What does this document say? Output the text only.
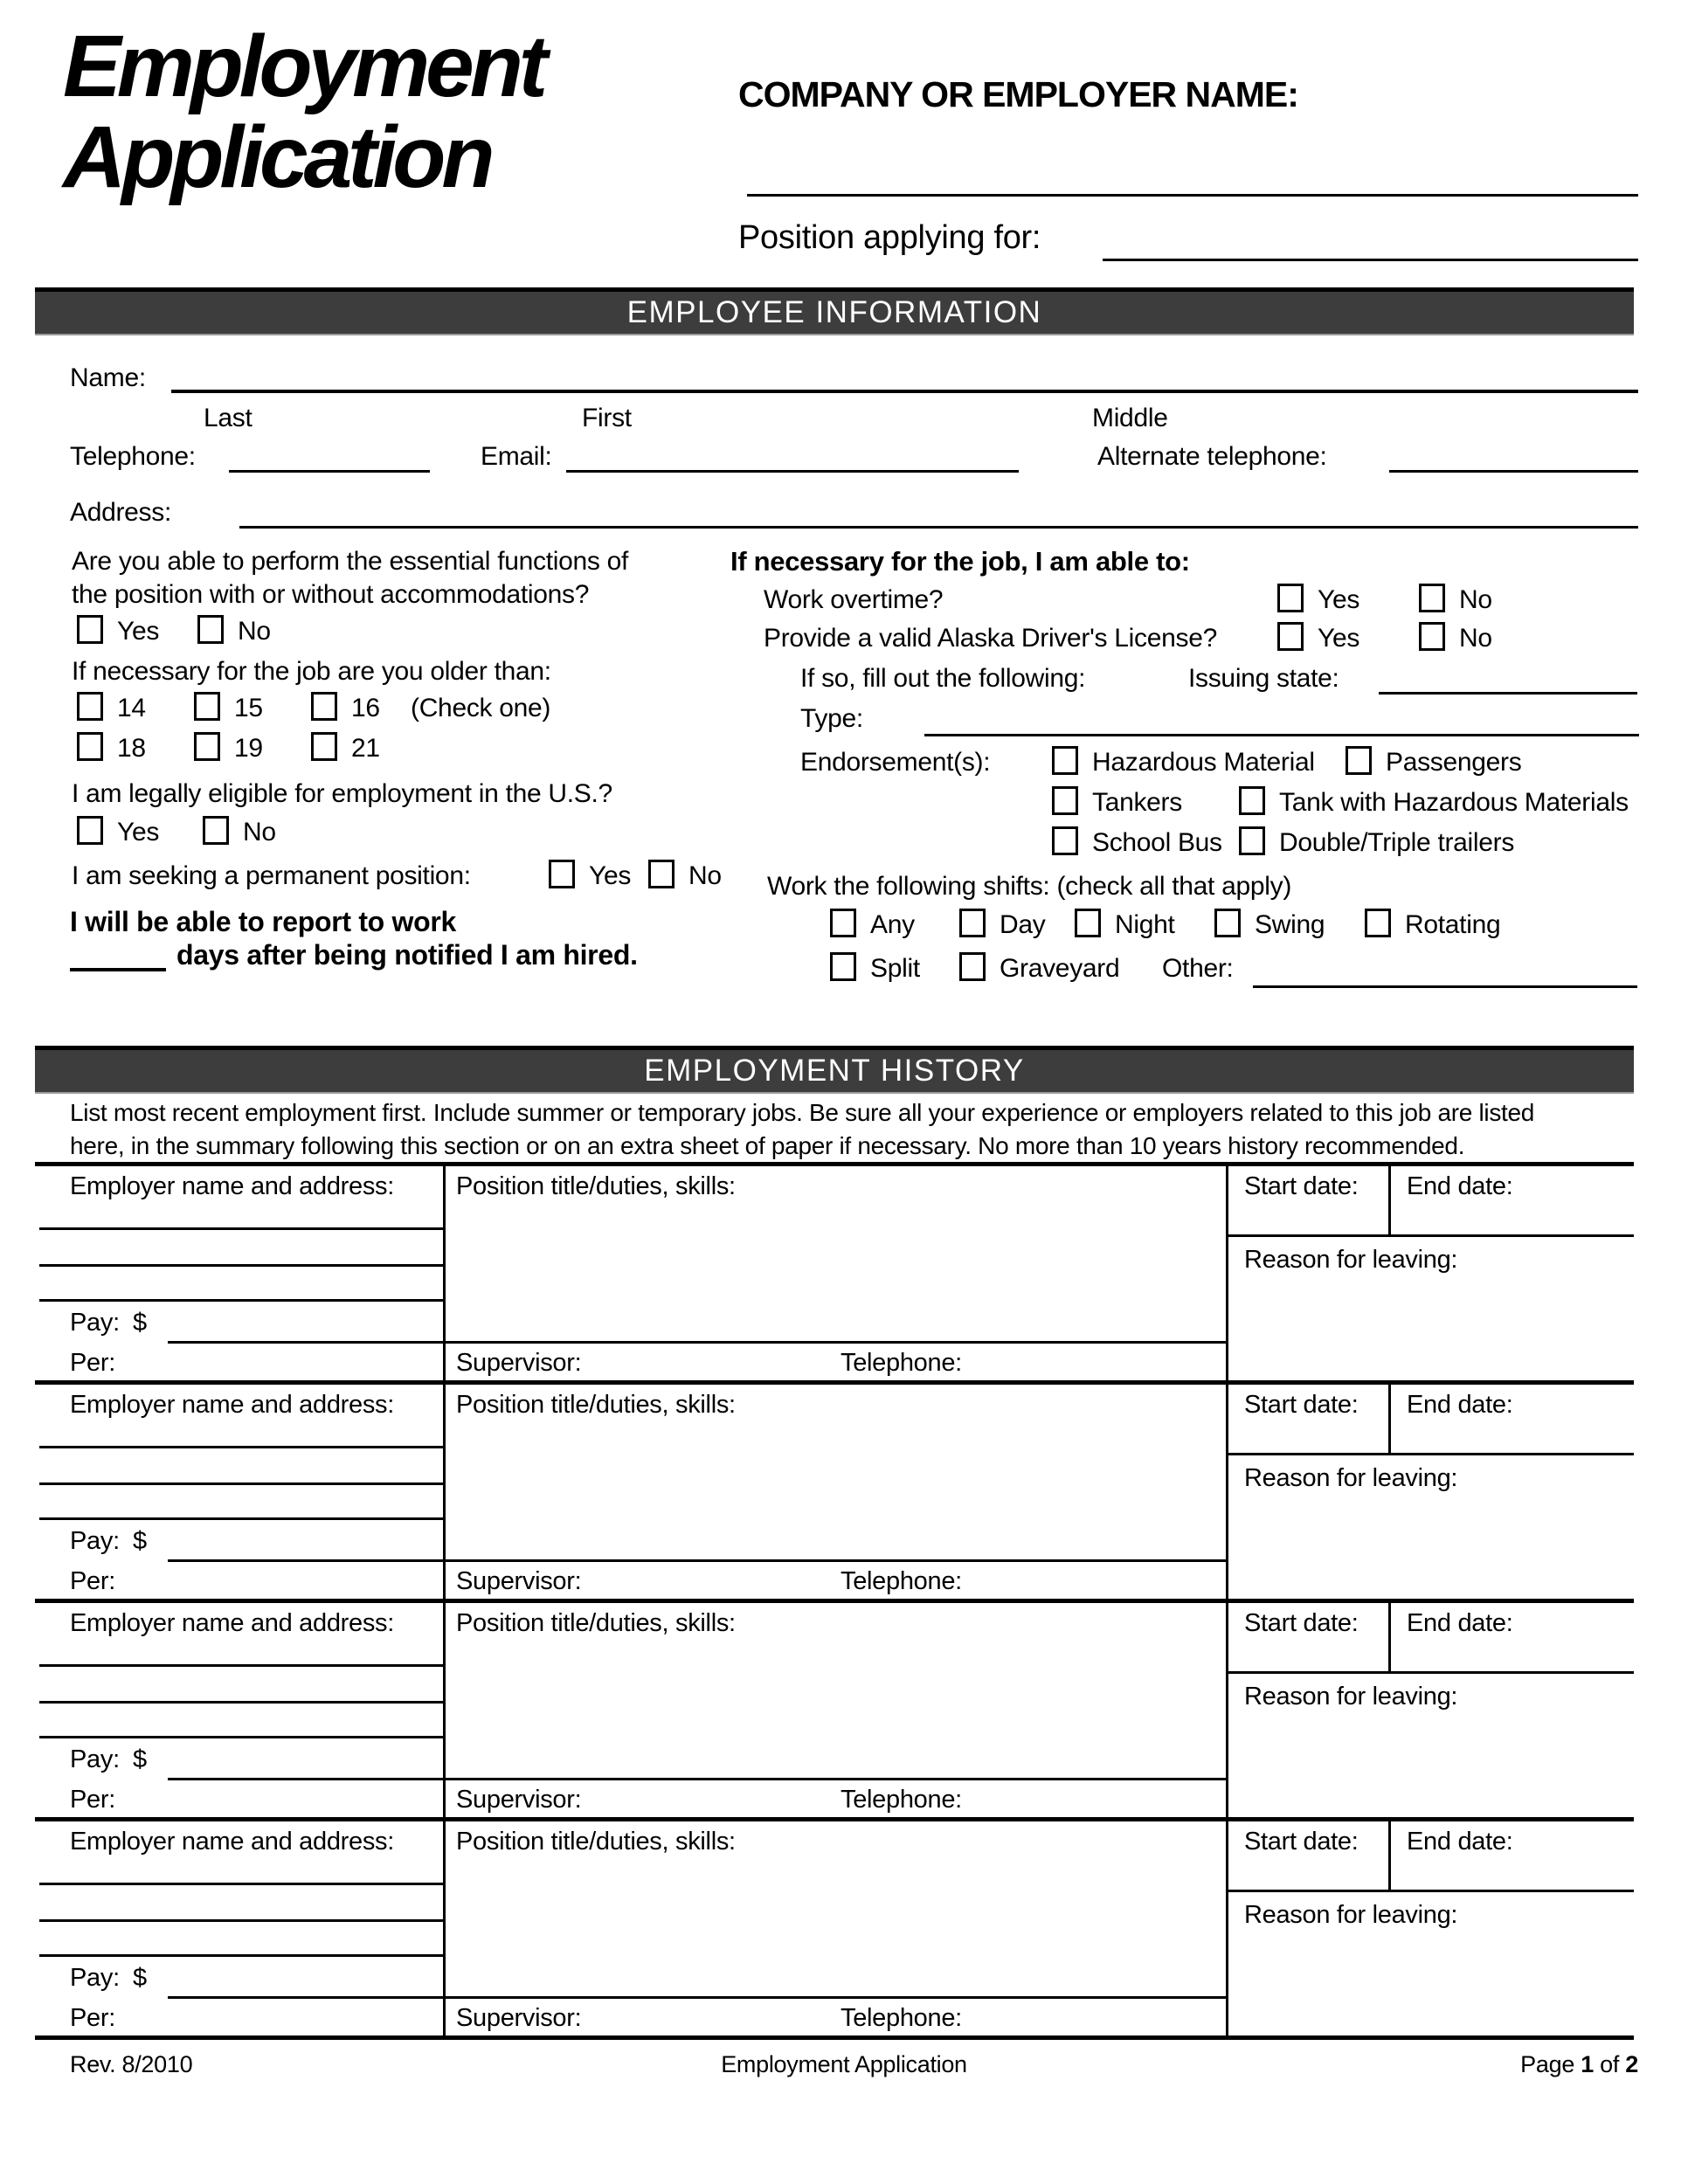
Employment
Application
COMPANY OR EMPLOYER NAME:
Position applying for:
EMPLOYEE INFORMATION
Name:
Last	First	Middle
Telephone:	Email:	Alternate telephone:
Address:
Are you able to perform the essential functions of
the position with or without accommodations?
Yes	No
If necessary for the job are you older than:
14	15	16 (Check one)
18	19	21
I am legally eligible for employment in the U.S.?
Yes	No
I am seeking a permanent position:	Yes No
I will be able to report to work
days after being notified I am hired.
If necessary for the job, I am able to:
Work overtime?	Yes	No
Provide a valid Alaska Driver's License?	Yes	No
If so, fill out the following:	Issuing state:
Type:
Endorsement(s):	Hazardous Material	Passengers
Tankers	Tank with Hazardous Materials
School Bus Double/Triple trailers
Work the following shifts: (check all that apply)
Any	Day	Night	Swing	Rotating
Split	Graveyard Other:
EMPLOYMENT HISTORY
List most recent employment first. Include summer or temporary jobs. Be sure all your experience or employers related to this job are listed
here, in the summary following this section or on an extra sheet of paper if necessary. No more than 10 years history recommended.
Employer name and address: Position title/duties, skills:	Start date: End date:
Reason for leaving:
Pay: $
Per:	Supervisor:	Telephone:
Employer name and address: Position title/duties, skills:	Start date: End date:
Reason for leaving:
Pay: $
Per:	Supervisor:	Telephone:
Employer name and address: Position title/duties, skills:	Start date: End date:
Reason for leaving:
Pay: $
Per:	Supervisor:	Telephone:
Employer name and address: Position title/duties, skills:	Start date: End date:
Reason for leaving:
Pay: $
Per:	Supervisor:	Telephone:
Rev. 8/2010	Employment Application	Page 1 of 2
